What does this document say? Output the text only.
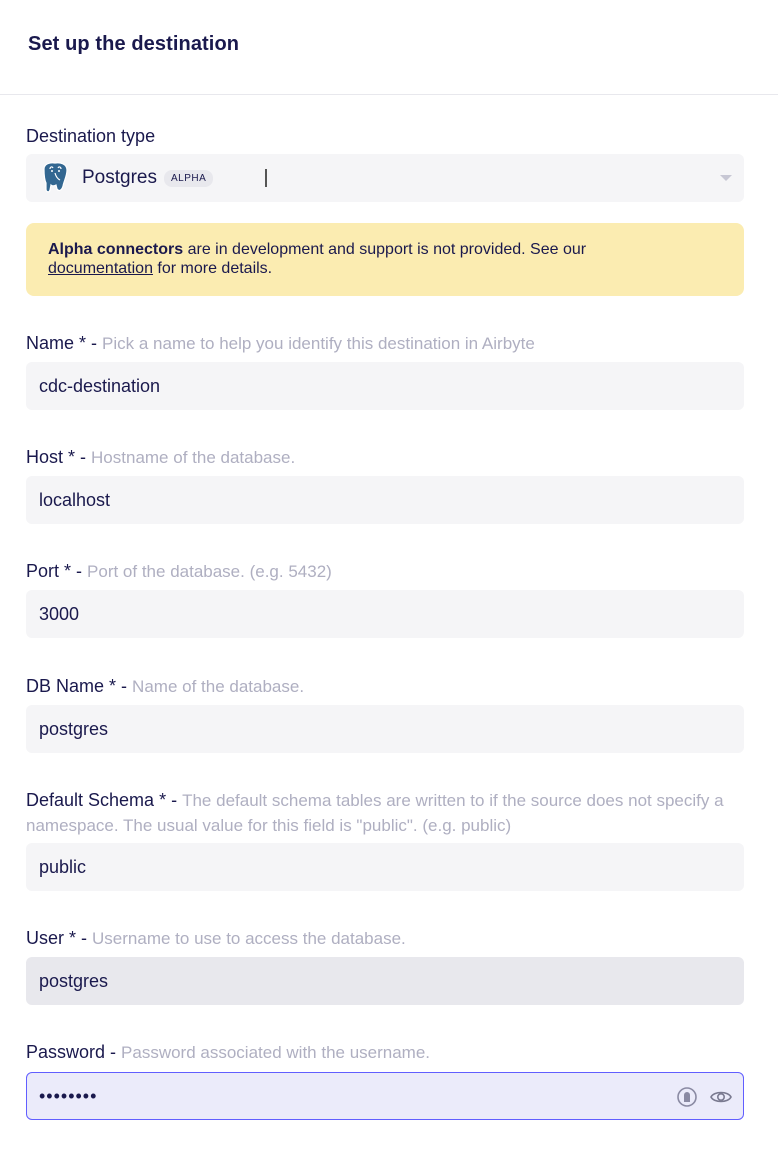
Set up the destination
Destination type
Postgres	ALPHA
Alpha connectors are in development and support is not provided. See our
documentation for more details.
Name * - Pick a name to help you identify this destination in Airbyte
cdc-destination
Host * - Hostname of the database.
localhost
Port * - Port of the database. (e.g. 5432)
3000
DB Name * - Name of the database.
postgres
Default Schema * - The default schema tables are written to if the source does not specify a namespace. The usual value for this field is "public". (e.g. public)
public
User * - Username to use to access the database.
postgres
Password - Password associated with the username.
••••••••
